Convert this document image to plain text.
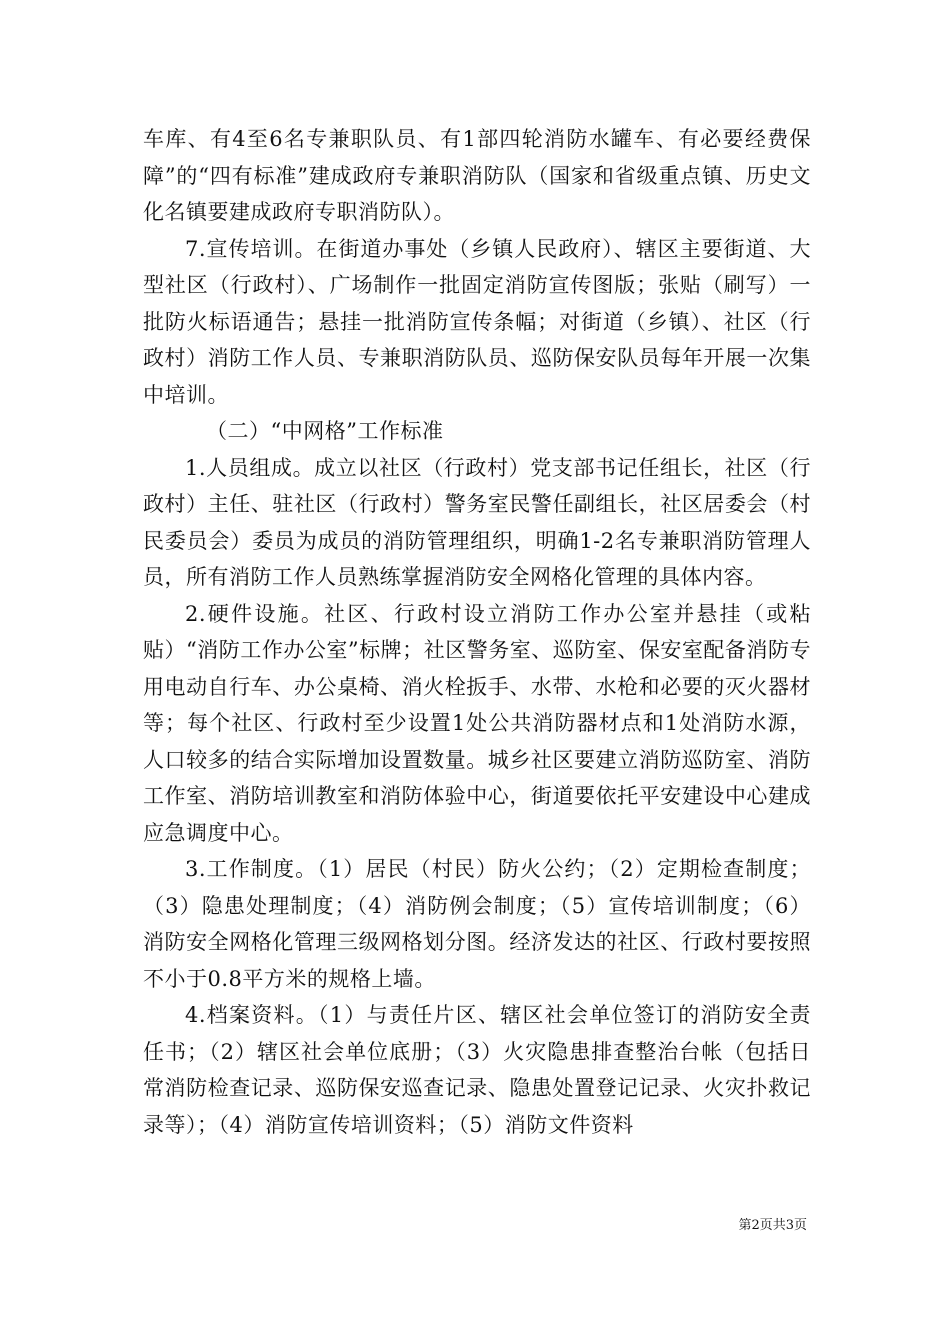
车库、有4至6名专兼职队员、有1部四轮消防水罐车、有必要经费保障”的“四有标准”建成政府专兼职消防队（国家和省级重点镇、历史文化名镇要建成政府专职消防队）。

7.宣传培训。在街道办事处（乡镇人民政府）、辖区主要街道、大型社区（行政村）、广场制作一批固定消防宣传图版；张贴（刷写）一批防火标语通告；悬挂一批消防宣传条幅；对街道（乡镇）、社区（行政村）消防工作人员、专兼职消防队员、巡防保安队员每年开展一次集中培训。

（二）“中网格”工作标准

1.人员组成。成立以社区（行政村）党支部书记任组长，社区（行政村）主任、驻社区（行政村）警务室民警任副组长，社区居委会（村民委员会）委员为成员的消防管理组织，明确1-2名专兼职消防管理人员，所有消防工作人员熟练掌握消防安全网格化管理的具体内容。

2.硬件设施。社区、行政村设立消防工作办公室并悬挂（或粘贴）“消防工作办公室”标牌；社区警务室、巡防室、保安室配备消防专用电动自行车、办公桌椅、消火栓扳手、水带、水枪和必要的灭火器材等；每个社区、行政村至少设置1处公共消防器材点和1处消防水源，人口较多的结合实际增加设置数量。城乡社区要建立消防巡防室、消防工作室、消防培训教室和消防体验中心，街道要依托平安建设中心建成应急调度中心。

3.工作制度。（1）居民（村民）防火公约；（2）定期检查制度；（3）隐患处理制度；（4）消防例会制度；（5）宣传培训制度；（6）消防安全网格化管理三级网格划分图。经济发达的社区、行政村要按照不小于0.8平方米的规格上墙。

4.档案资料。（1）与责任片区、辖区社会单位签订的消防安全责任书；（2）辖区社会单位底册；（3）火灾隐患排查整治台帐（包括日常消防检查记录、巡防保安巡查记录、隐患处置登记记录、火灾扑救记录等）；（4）消防宣传培训资料；（5）消防文件资料

第2页共3页
